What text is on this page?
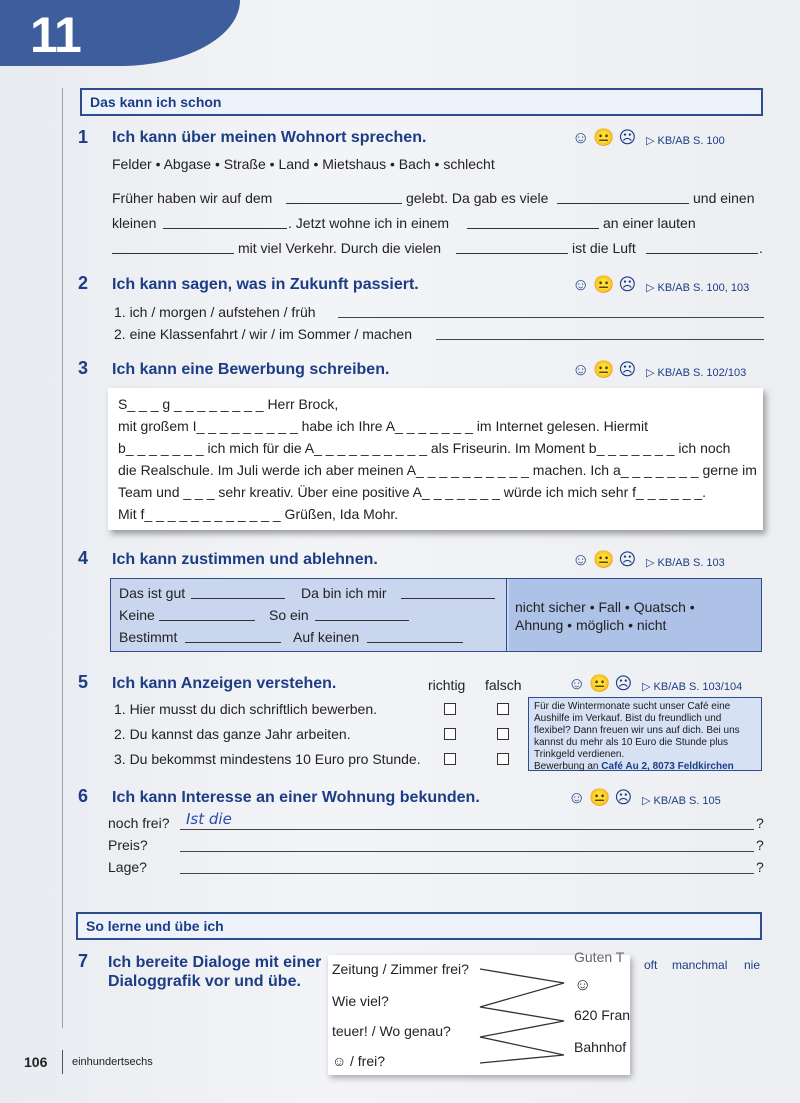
11
Das kann ich schon
1 Ich kann über meinen Wohnort sprechen.	☺ 😐 ☹ ▷ KB/AB S. 100
Felder • Abgase • Straße • Land • Mietshaus • Bach • schlecht
Früher haben wir auf dem	gelebt. Da gab es viele	und einen
kleinen	. Jetzt wohne ich in einem	an einer lauten
mit viel Verkehr. Durch die vielen	ist die Luft	.
2 Ich kann sagen, was in Zukunft passiert.	☺ 😐 ☹ ▷ KB/AB S. 100, 103
1. ich / morgen / aufstehen / früh
2. eine Klassenfahrt / wir / im Sommer / machen
3 Ich kann eine Bewerbung schreiben.	☺ 😐 ☹ ▷ KB/AB S. 102/103
S_ _ _ g _ _ _ _ _ _ _ _ Herr Brock,
mit großem I_ _ _ _ _ _ _ _ _ habe ich Ihre A_ _ _ _ _ _ _ im Internet gelesen. Hiermit
b_ _ _ _ _ _ _ ich mich für die A_ _ _ _ _ _ _ _ _ _ als Friseurin. Im Moment b_ _ _ _ _ _ _ ich noch
die Realschule. Im Juli werde ich aber meinen A_ _ _ _ _ _ _ _ _ _ machen. Ich a_ _ _ _ _ _ _ gerne im
Team und _ _ _ sehr kreativ. Über eine positive A_ _ _ _ _ _ _ würde ich mich sehr f_ _ _ _ _ _.
Mit f_ _ _ _ _ _ _ _ _ _ _ _ Grüßen, Ida Mohr.
4 Ich kann zustimmen und ablehnen.	☺ 😐 ☹ ▷ KB/AB S. 103
Das ist gut	Da bin ich mir
Keine	So ein
Bestimmt	Auf keinen
nicht sicher • Fall • Quatsch •
Ahnung • möglich • nicht
5 Ich kann Anzeigen verstehen.	richtig falsch	☺ 😐 ☹ ▷ KB/AB S. 103/104
1. Hier musst du dich schriftlich bewerben.
2. Du kannst das ganze Jahr arbeiten.
3. Du bekommst mindestens 10 Euro pro Stunde.
Für die Wintermonate sucht unser Café eine Aushilfe im Verkauf. Bist du freundlich und flexibel? Dann freuen wir uns auf dich. Bei uns kannst du mehr als 10 Euro die Stunde plus Trinkgeld verdienen.
Bewerbung an Café Au 2, 8073 Feldkirchen
6 Ich kann Interesse an einer Wohnung bekunden.	☺ 😐 ☹ ▷ KB/AB S. 105
noch frei? Ist die	?
Preis?	?
Lage?	?
So lerne und übe ich
7 Ich bereite Dialoge mit einer
Dialoggrafik vor und übe.
oft manchmal nie
Zeitung / Zimmer frei?
Wie viel?
teuer! / Wo genau?
☺ / frei?
Guten T
☺
620 Fran
Bahnhof
106 einhundertsechs
